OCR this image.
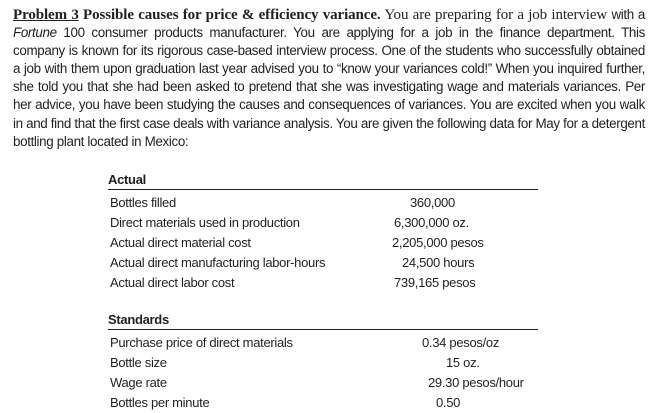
Problem 3 Possible causes for price & efficiency variance. You are preparing for a job interview with a Fortune 100 consumer products manufacturer. You are applying for a job in the finance department. This company is known for its rigorous case-based interview process. One of the students who successfully obtained a job with them upon graduation last year advised you to “know your variances cold!” When you inquired further, she told you that she had been asked to pretend that she was investigating wage and materials variances. Per her advice, you have been studying the causes and consequences of variances. You are excited when you walk in and find that the first case deals with variance analysis. You are given the following data for May for a detergent bottling plant located in Mexico:

Actual
Bottles filled	360,000
Direct materials used in production	6,300,000 oz.
Actual direct material cost	2,205,000 pesos
Actual direct manufacturing labor-hours	24,500 hours
Actual direct labor cost	739,165 pesos
Standards
Purchase price of direct materials	0.34 pesos/oz
Bottle size	15 oz.
Wage rate	29.30 pesos/hour
Bottles per minute	0.50
